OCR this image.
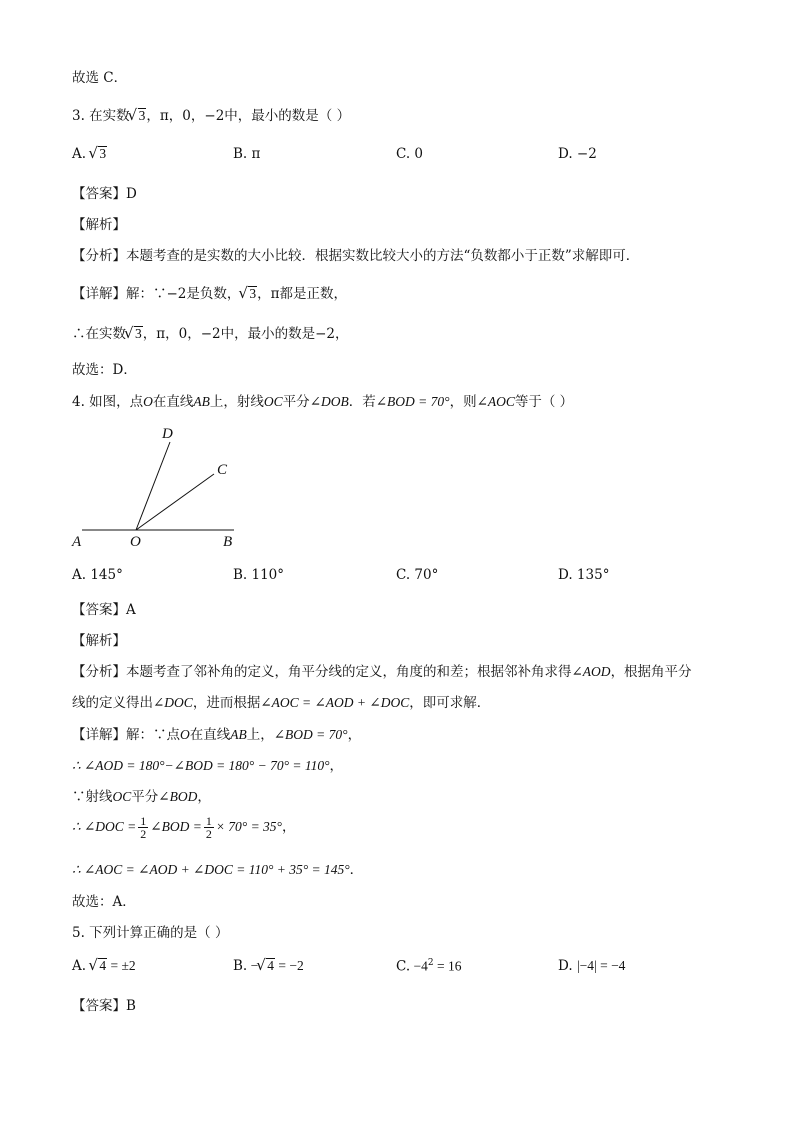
故选 C．
3. 在实数 √ 3，π，0，−2中，最小的数是（ ）
A. √ 3	B. π	C. 0	D. −2
【答案】D
【解析】
【分析】本题考查的是实数的大小比较．根据实数比较大小的方法“负数都小于正数”求解即可．
【详解】解：∵−2是负数， √ 3，π都是正数，
∴在实数 √ 3，π，0，−2中，最小的数是−2，
故选：D．
4. 如图，点O在直线AB上，射线OC平分∠DOB．若∠BOD = 70°，则∠AOC等于（ ）
D
C
A	O	B
A. 145°	B. 110°	C. 70°	D. 135°
【答案】A
【解析】
【分析】本题考查了邻补角的定义，角平分线的定义，角度的和差；根据邻补角求得∠AOD，根据角平分
线的定义得出∠DOC，进而根据∠AOC = ∠AOD + ∠DOC，即可求解．
【详解】解：∵点O在直线AB上，∠BOD = 70°，
∴ ∠AOD = 180°−∠BOD = 180° − 70° = 110°，
∵射线OC平分∠BOD，
∴ ∠DOC = $\frac{1}{2}$ ∠BOD = $\frac{1}{2} \times 70^\circ = 35^\circ$，
∴ ∠AOC = ∠AOD + ∠DOC = 110° + 35° = 145°．
故选：A．
5. 下列计算正确的是（ ）
A. √ 4 = ±2	B. − √ 4 = −2	C. $-4^2 = 16$	D. |−4| = −4
【答案】B
